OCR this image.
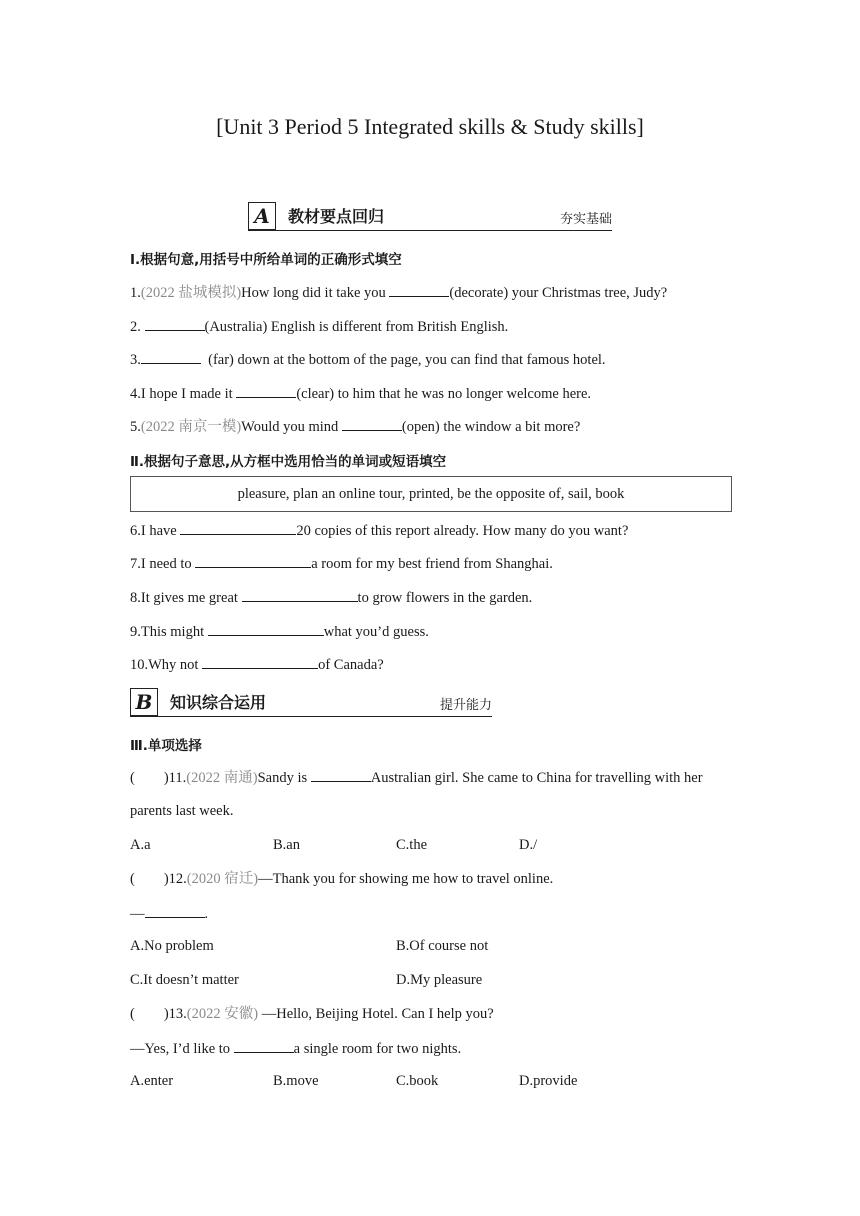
[Unit 3 Period 5 Integrated skills & Study skills]
A	教材要点回归	夯实基础
Ⅰ.根据句意,用括号中所给单词的正确形式填空
1.(2022 盐城模拟)How long did it take you	(decorate) your Christmas tree, Judy?
2.	(Australia) English is different from British English.
3.	(far) down at the bottom of the page, you can find that famous hotel.
4.I hope I made it	(clear) to him that he was no longer welcome here.
5.(2022 南京一模)Would you mind	(open) the window a bit more?
Ⅱ.根据句子意思,从方框中选用恰当的单词或短语填空
pleasure, plan an online tour, printed, be the opposite of, sail, book
6.I have	20 copies of this report already. How many do you want?
7.I need to	a room for my best friend from Shanghai.
8.It gives me great	to grow flowers in the garden.
9.This might	what you’d guess.
10.Why not	of Canada?
B	知识综合运用	提升能力
Ⅲ.单项选择
(        )11.(2022 南通)Sandy is	Australian girl. She came to China for travelling with her
parents last week.
A.a	B.an	C.the	D./
(        )12.(2020 宿迁)—Thank you for showing me how to travel online.
—	.
A.No problem	B.Of course not
C.It doesn’t matter	D.My pleasure
(        )13.(2022 安徽) —Hello, Beijing Hotel. Can I help you?
—Yes, I’d like to	a single room for two nights.
A.enter	B.move	C.book	D.provide
